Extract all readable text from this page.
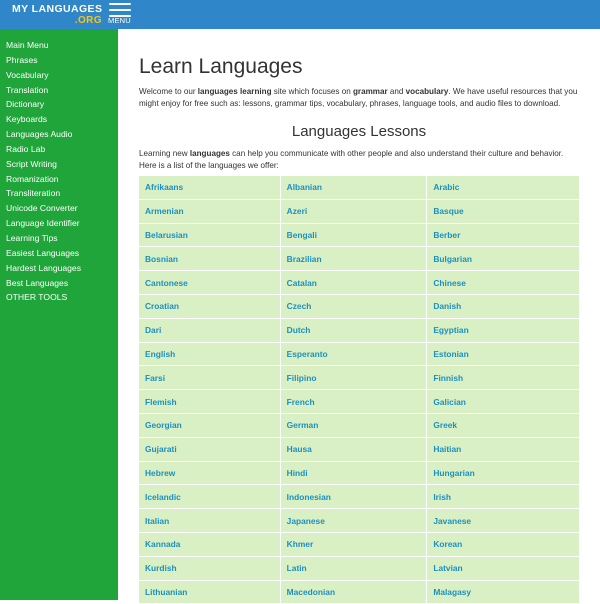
MY LANGUAGES
.ORG MENU
Main Menu
Phrases
Vocabulary
Translation
Dictionary
Keyboards
Languages Audio
Radio Lab
Script Writing
Romanization
Transliteration
Unicode Converter
Language Identifier
Learning Tips
Easiest Languages
Hardest Languages
Best Languages
OTHER TOOLS
Learn Languages

Welcome to our languages learning site which focuses on grammar and vocabulary. We have useful resources that you might enjoy for free such as: lessons, grammar tips, vocabulary, phrases, language tools, and audio files to download.

Languages Lessons

Learning new languages can help you communicate with other people and also understand their culture and behavior. Here is a list of the languages we offer:

Afrikaans	Albanian	Arabic
Armenian	Azeri	Basque
Belarusian	Bengali	Berber
Bosnian	Brazilian	Bulgarian
Cantonese	Catalan	Chinese
Croatian	Czech	Danish
Dari	Dutch	Egyptian
English	Esperanto	Estonian
Farsi	Filipino	Finnish
Flemish	French	Galician
Georgian	German	Greek
Gujarati	Hausa	Haitian
Hebrew	Hindi	Hungarian
Icelandic	Indonesian	Irish
Italian	Japanese	Javanese
Kannada	Khmer	Korean
Kurdish	Latin	Latvian
Lithuanian	Macedonian	Malagasy
